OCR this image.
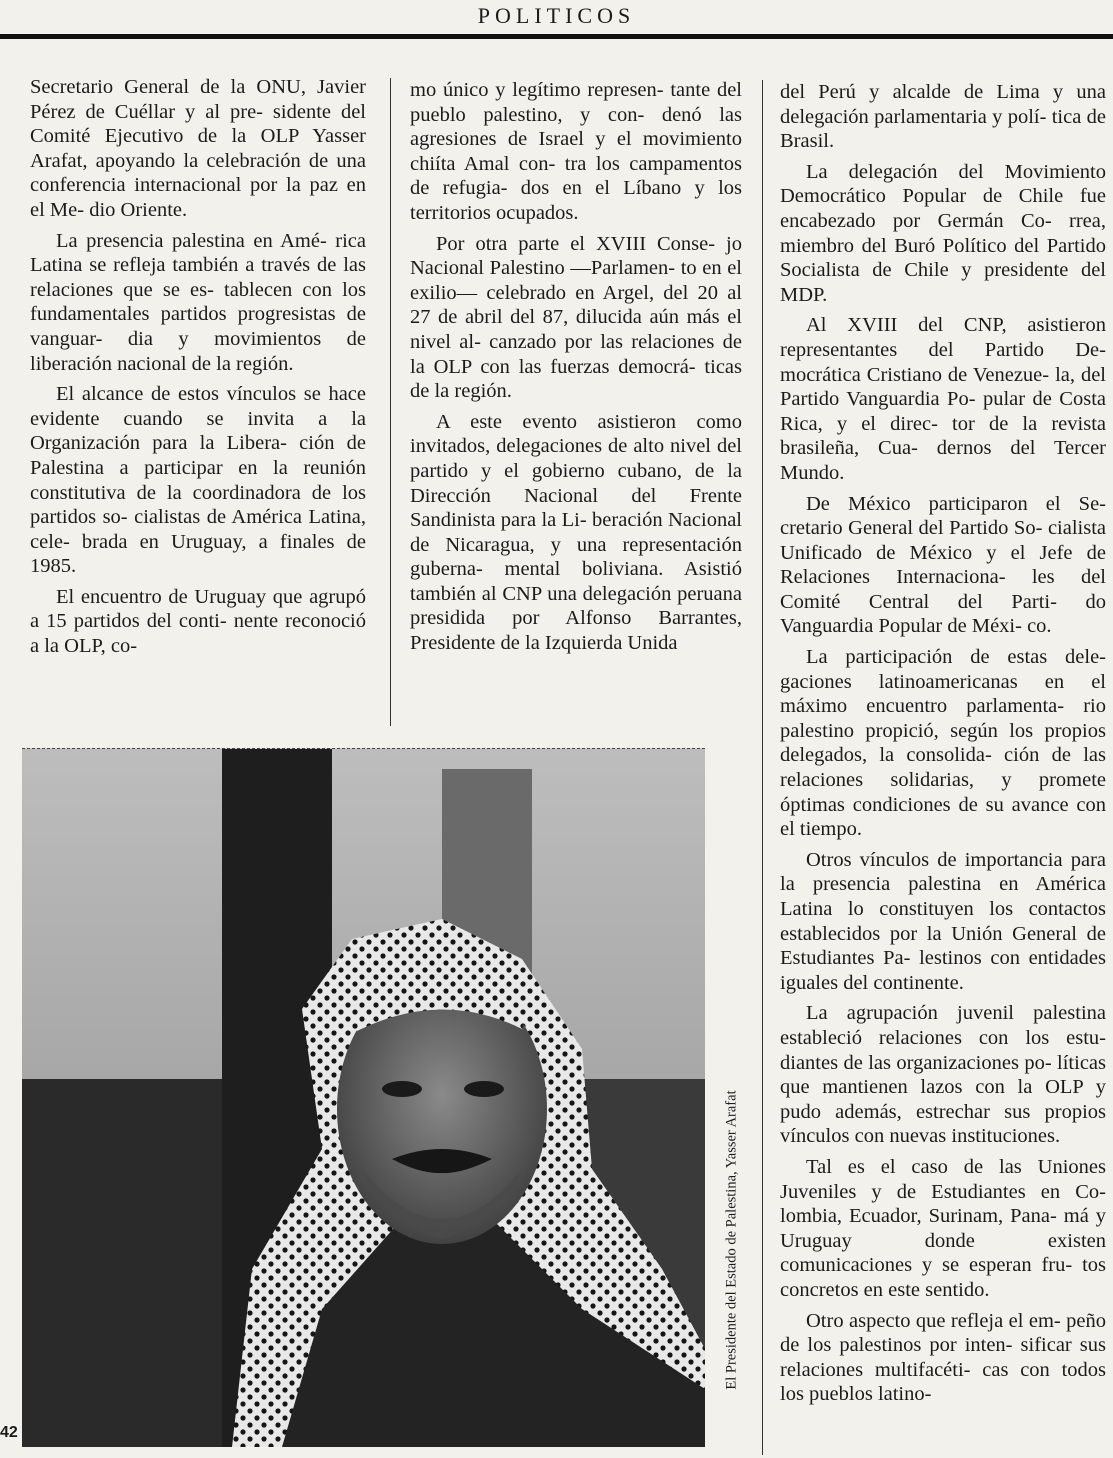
POLITICOS

Secretario General de la ONU, Javier Pérez de Cuéllar y al pre- sidente del Comité Ejecutivo de la OLP Yasser Arafat, apoyando la celebración de una conferencia internacional por la paz en el Me- dio Oriente.

La presencia palestina en Amé- rica Latina se refleja también a través de las relaciones que se es- tablecen con los fundamentales partidos progresistas de vanguar- dia y movimientos de liberación nacional de la región.

El alcance de estos vínculos se hace evidente cuando se invita a la Organización para la Libera- ción de Palestina a participar en la reunión constitutiva de la coordinadora de los partidos so- cialistas de América Latina, cele- brada en Uruguay, a finales de 1985.

El encuentro de Uruguay que agrupó a 15 partidos del conti- nente reconoció a la OLP, co-

mo único y legítimo represen- tante del pueblo palestino, y con- denó las agresiones de Israel y el movimiento chiíta Amal con- tra los campamentos de refugia- dos en el Líbano y los territorios ocupados.

Por otra parte el XVIII Conse- jo Nacional Palestino —Parlamen- to en el exilio— celebrado en Argel, del 20 al 27 de abril del 87, dilucida aún más el nivel al- canzado por las relaciones de la OLP con las fuerzas democrá- ticas de la región.

A este evento asistieron como invitados, delegaciones de alto nivel del partido y el gobierno cubano, de la Dirección Nacional del Frente Sandinista para la Li- beración Nacional de Nicaragua, y una representación guberna- mental boliviana. Asistió también al CNP una delegación peruana presidida por Alfonso Barrantes, Presidente de la Izquierda Unida

del Perú y alcalde de Lima y una delegación parlamentaria y polí- tica de Brasil.

La delegación del Movimiento Democrático Popular de Chile fue encabezado por Germán Co- rrea, miembro del Buró Político del Partido Socialista de Chile y presidente del MDP.

Al XVIII del CNP, asistieron representantes del Partido De- mocrática Cristiano de Venezue- la, del Partido Vanguardia Po- pular de Costa Rica, y el direc- tor de la revista brasileña, Cua- dernos del Tercer Mundo.

De México participaron el Se- cretario General del Partido So- cialista Unificado de México y el Jefe de Relaciones Internaciona- les del Comité Central del Parti- do Vanguardia Popular de Méxi- co.

La participación de estas dele- gaciones latinoamericanas en el máximo encuentro parlamenta- rio palestino propició, según los propios delegados, la consolida- ción de las relaciones solidarias, y promete óptimas condiciones de su avance con el tiempo.

Otros vínculos de importancia para la presencia palestina en América Latina lo constituyen los contactos establecidos por la Unión General de Estudiantes Pa- lestinos con entidades iguales del continente.

La agrupación juvenil palestina estableció relaciones con los estu- diantes de las organizaciones po- líticas que mantienen lazos con la OLP y pudo además, estrechar sus propios vínculos con nuevas instituciones.

Tal es el caso de las Uniones Juveniles y de Estudiantes en Co- lombia, Ecuador, Surinam, Pana- má y Uruguay donde existen comunicaciones y se esperan fru- tos concretos en este sentido.

Otro aspecto que refleja el em- peño de los palestinos por inten- sificar sus relaciones multifacéti- cas con todos los pueblos latino-

El Presidente del Estado de Palestina, Yasser Arafat
42
